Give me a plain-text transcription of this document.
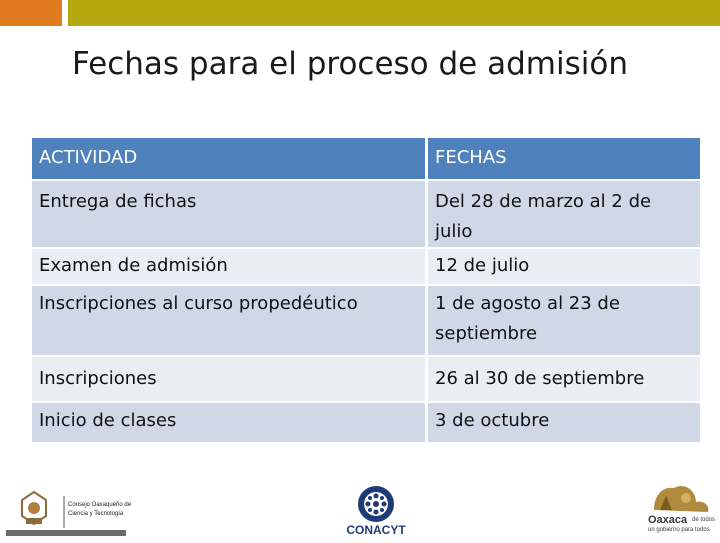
Fechas para el proceso de admisión
ACTIVIDAD	FECHAS
Entrega de fichas	Del 28 de marzo al 2 de julio
Examen de admisión	12 de julio
Inscripciones al curso propedéutico	1 de agosto al 23 de septiembre
Inscripciones	26 al 30 de septiembre
Inicio de clases	3 de octubre
Consejo Oaxaqueño de
Ciencia y Tecnología
CONACYT
Oaxaca de todos
un gobierno para todos
